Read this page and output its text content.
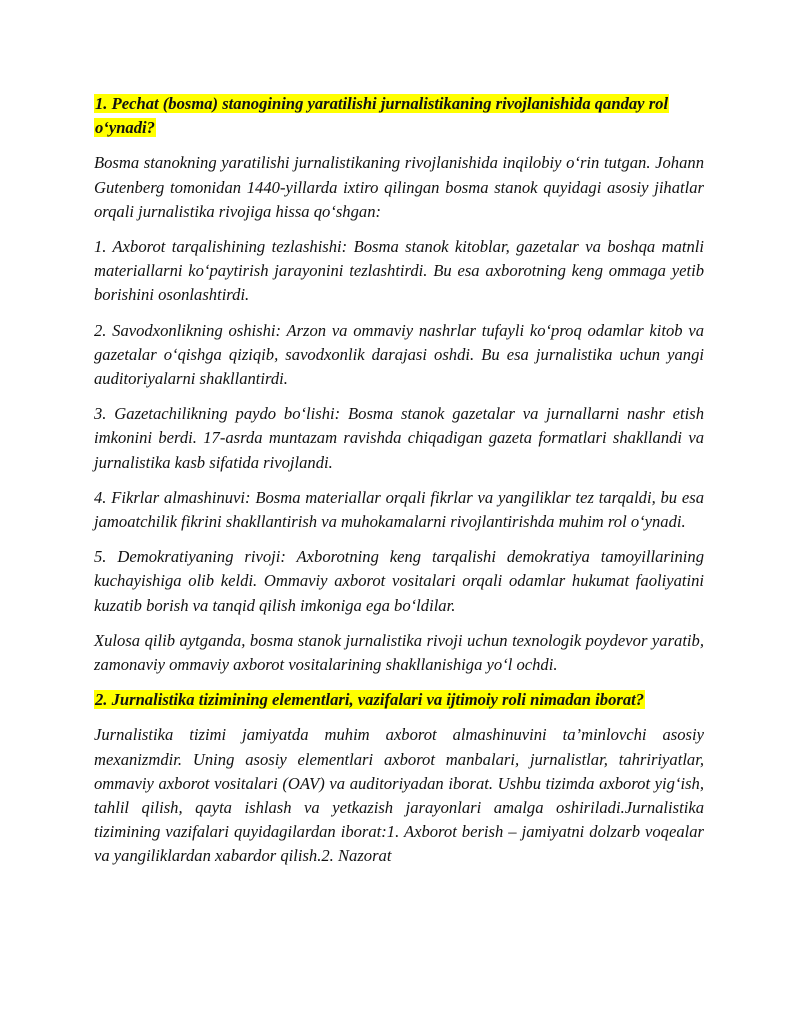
1. Pechat (bosma) stanogining yaratilishi jurnalistikaning rivojlanishida qanday rol o‘ynadi?

Bosma stanokning yaratilishi jurnalistikaning rivojlanishida inqilobiy o‘rin tutgan. Johann Gutenberg tomonidan 1440-yillarda ixtiro qilingan bosma stanok quyidagi asosiy jihatlar orqali jurnalistika rivojiga hissa qo‘shgan:

1. Axborot tarqalishining tezlashishi: Bosma stanok kitoblar, gazetalar va boshqa matnli materiallarni ko‘paytirish jarayonini tezlashtirdi. Bu esa axborotning keng ommaga yetib borishini osonlashtirdi.

2. Savodxonlikning oshishi: Arzon va ommaviy nashrlar tufayli ko‘proq odamlar kitob va gazetalar o‘qishga qiziqib, savodxonlik darajasi oshdi. Bu esa jurnalistika uchun yangi auditoriyalarni shakllantirdi.

3. Gazetachilikning paydo bo‘lishi: Bosma stanok gazetalar va jurnallarni nashr etish imkonini berdi. 17-asrda muntazam ravishda chiqadigan gazeta formatlari shakllandi va jurnalistika kasb sifatida rivojlandi.

4. Fikrlar almashinuvi: Bosma materiallar orqali fikrlar va yangiliklar tez tarqaldi, bu esa jamoatchilik fikrini shakllantirish va muhokamalarni rivojlantirishda muhim rol o‘ynadi.

5. Demokratiyaning rivoji: Axborotning keng tarqalishi demokratiya tamoyillarining kuchayishiga olib keldi. Ommaviy axborot vositalari orqali odamlar hukumat faoliyatini kuzatib borish va tanqid qilish imkoniga ega bo‘ldilar.

Xulosa qilib aytganda, bosma stanok jurnalistika rivoji uchun texnologik poydevor yaratib, zamonaviy ommaviy axborot vositalarining shakllanishiga yo‘l ochdi.

2. Jurnalistika tizimining elementlari, vazifalari va ijtimoiy roli nimadan iborat?

Jurnalistika tizimi jamiyatda muhim axborot almashinuvini ta’minlovchi asosiy mexanizmdir. Uning asosiy elementlari axborot manbalari, jurnalistlar, tahririyatlar, ommaviy axborot vositalari (OAV) va auditoriyadan iborat. Ushbu tizimda axborot yig‘ish, tahlil qilish, qayta ishlash va yetkazish jarayonlari amalga oshiriladi.Jurnalistika tizimining vazifalari quyidagilardan iborat:1. Axborot berish – jamiyatni dolzarb voqealar va yangiliklardan xabardor qilish.2. Nazorat
